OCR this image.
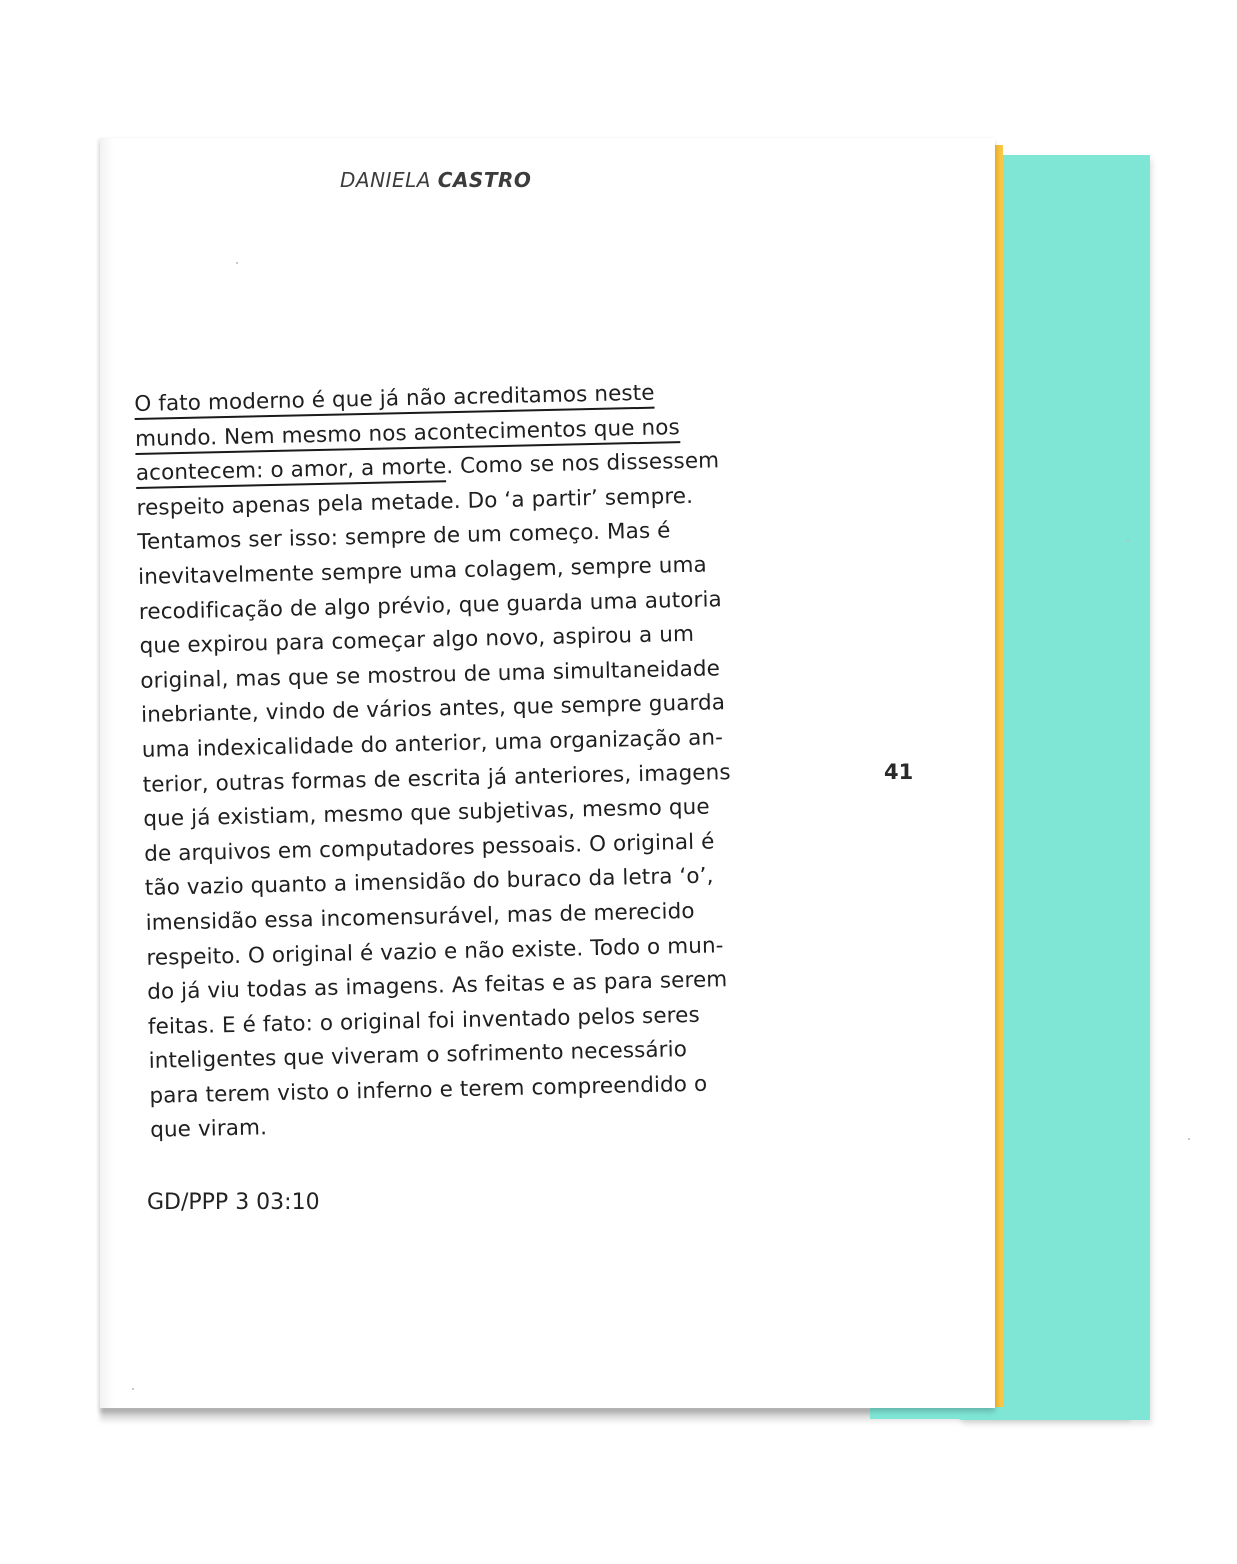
DANIELA CASTRO
O fato moderno é que já não acreditamos neste
mundo. Nem mesmo nos acontecimentos que nos
acontecem: o amor, a morte. Como se nos dissessem
respeito apenas pela metade. Do ‘a partir’ sempre.
Tentamos ser isso: sempre de um começo. Mas é
inevitavelmente sempre uma colagem, sempre uma
recodificação de algo prévio, que guarda uma autoria
que expirou para começar algo novo, aspirou a um
original, mas que se mostrou de uma simultaneidade
inebriante, vindo de vários antes, que sempre guarda
uma indexicalidade do anterior, uma organização an-
terior, outras formas de escrita já anteriores, imagens
que já existiam, mesmo que subjetivas, mesmo que
de arquivos em computadores pessoais. O original é
tão vazio quanto a imensidão do buraco da letra ‘o’,
imensidão essa incomensurável, mas de merecido
respeito. O original é vazio e não existe. Todo o mun-
do já viu todas as imagens. As feitas e as para serem
feitas. E é fato: o original foi inventado pelos seres
inteligentes que viveram o sofrimento necessário
para terem visto o inferno e terem compreendido o
que viram.
GD/PPP 3 03:10
41
